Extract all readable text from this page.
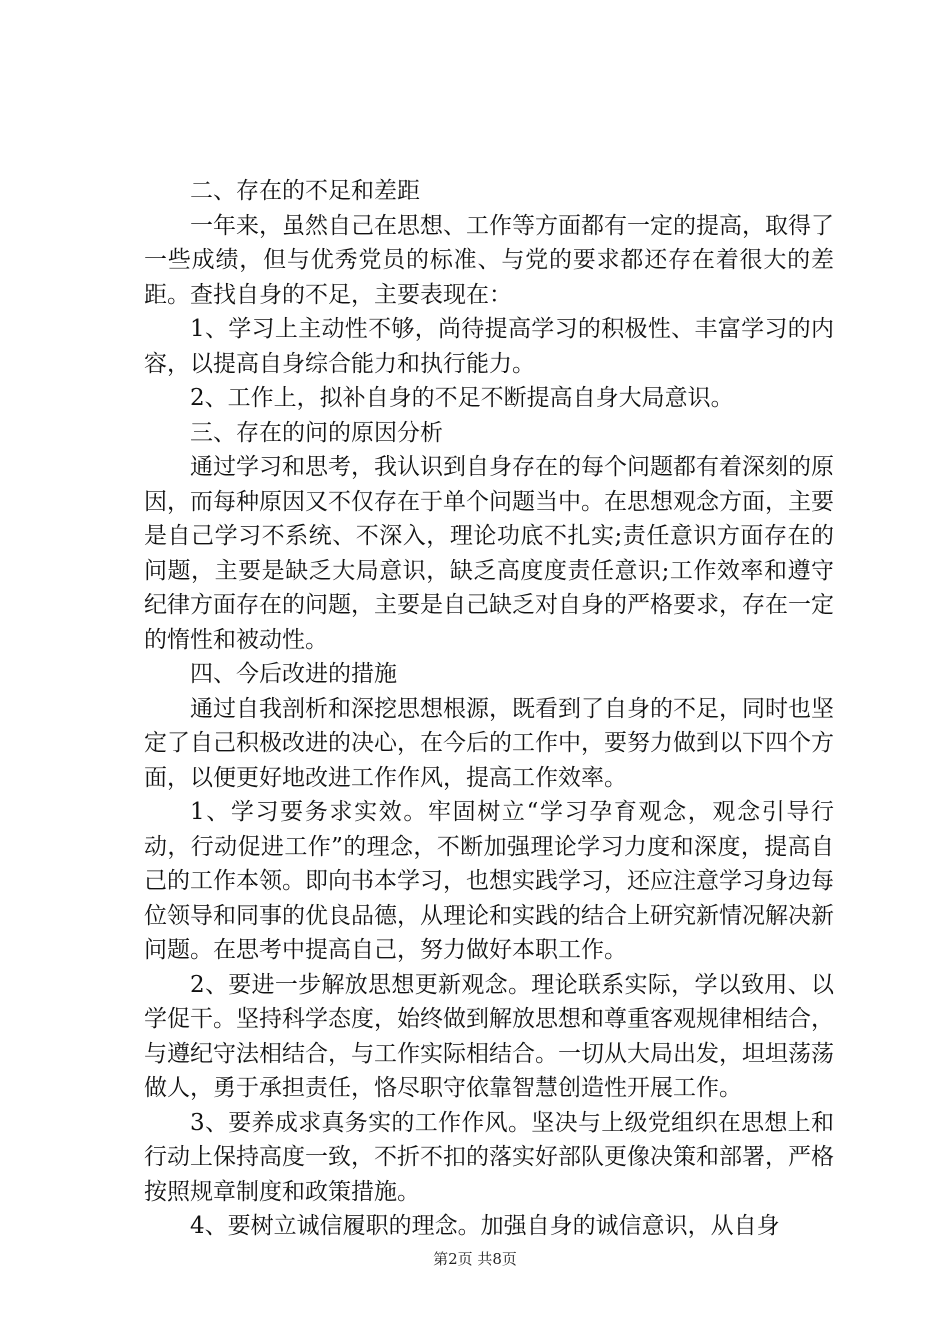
二、存在的不足和差距

一年来，虽然自己在思想、工作等方面都有一定的提高，取得了一些成绩，但与优秀党员的标准、与党的要求都还存在着很大的差距。查找自身的不足，主要表现在：

1、学习上主动性不够，尚待提高学习的积极性、丰富学习的内容，以提高自身综合能力和执行能力。

2、工作上，拟补自身的不足不断提高自身大局意识。

三、存在的问的原因分析

通过学习和思考，我认识到自身存在的每个问题都有着深刻的原因，而每种原因又不仅存在于单个问题当中。在思想观念方面，主要是自己学习不系统、不深入，理论功底不扎实;责任意识方面存在的问题，主要是缺乏大局意识，缺乏高度度责任意识;工作效率和遵守纪律方面存在的问题，主要是自己缺乏对自身的严格要求，存在一定的惰性和被动性。

四、今后改进的措施

通过自我剖析和深挖思想根源，既看到了自身的不足，同时也坚定了自己积极改进的决心，在今后的工作中，要努力做到以下四个方面，以便更好地改进工作作风，提高工作效率。

1、学习要务求实效。牢固树立“学习孕育观念，观念引导行动，行动促进工作”的理念，不断加强理论学习力度和深度，提高自己的工作本领。即向书本学习，也想实践学习，还应注意学习身边每位领导和同事的优良品德，从理论和实践的结合上研究新情况解决新问题。在思考中提高自己，努力做好本职工作。

2、要进一步解放思想更新观念。理论联系实际，学以致用、以学促干。坚持科学态度，始终做到解放思想和尊重客观规律相结合，与遵纪守法相结合，与工作实际相结合。一切从大局出发，坦坦荡荡做人，勇于承担责任，恪尽职守依靠智慧创造性开展工作。

3、要养成求真务实的工作作风。坚决与上级党组织在思想上和行动上保持高度一致，不折不扣的落实好部队更像决策和部署，严格按照规章制度和政策措施。

4、要树立诚信履职的理念。加强自身的诚信意识，从自身

第2页 共8页
